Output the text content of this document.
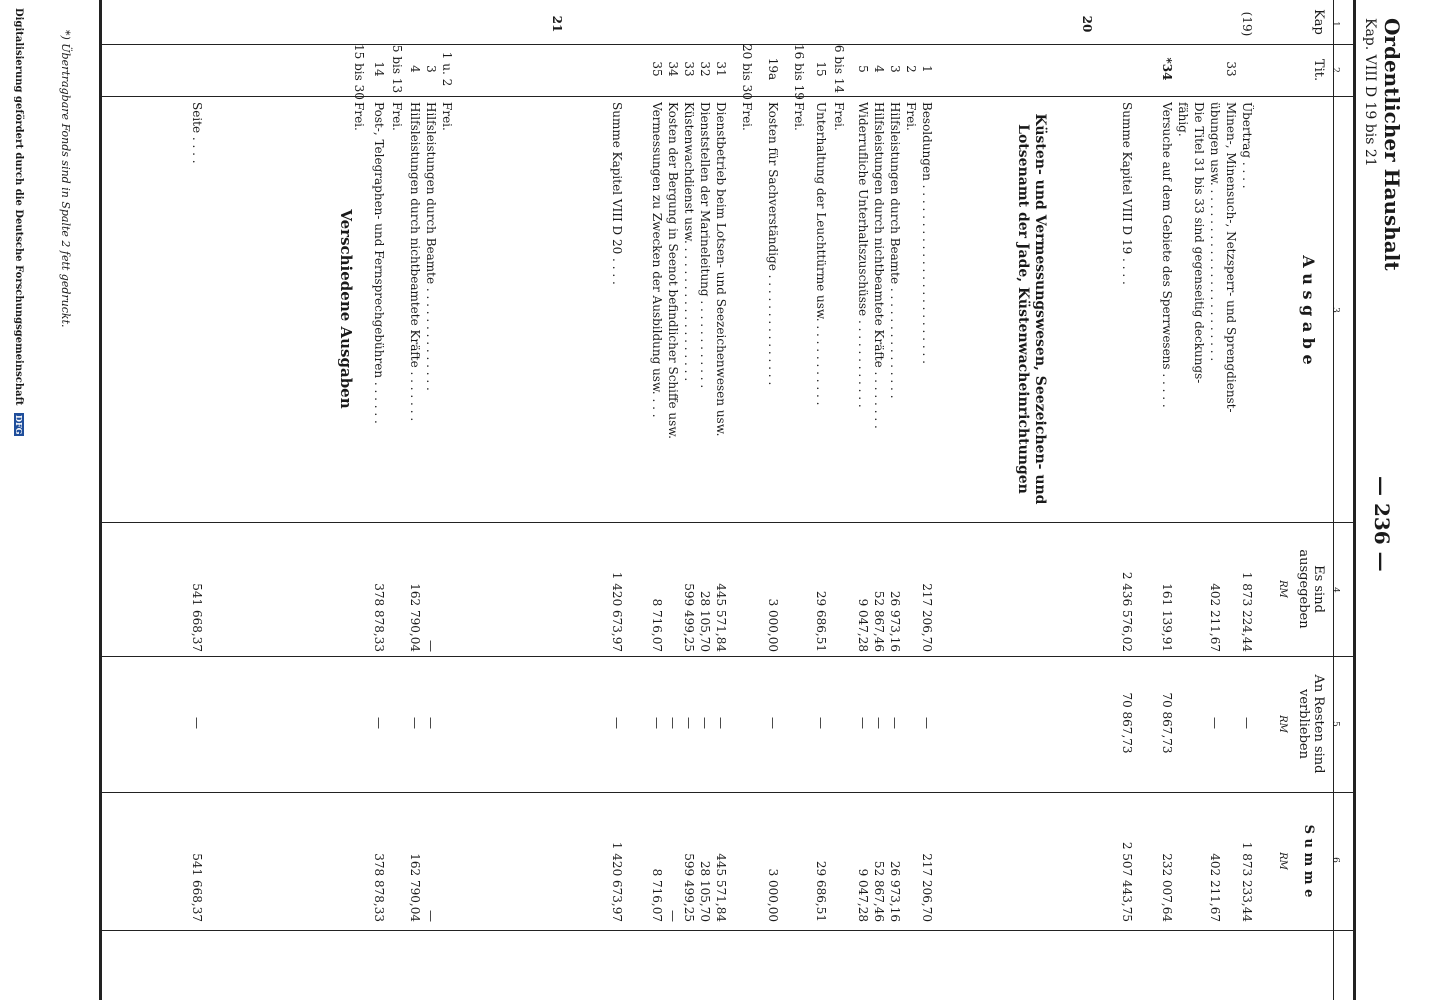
Ordentlicher Haushalt
Kap. VIII D 19 bis 21
— 236 —
1
2
3
4
5
6
Kap
Tit.
A u s g a b e
Es sind ausgegeben
An Resten sind verblieben
S u m m e
RM
RM
RM
Küsten- und Vermessungswesen, Seezeichen- und Lotsenamt der Jade, Küstenwacheinrichtungen
Verschiedene Ausgaben
(19)
Übertrag . . . .
1 873 224,44
—
1 873 233,44
33
Minen-, Minensuch-, Netzsperr- und Sprengdienst-
übungen usw. . . . . . . . . . . . . . . . . . . . . . . .
402 211,67
—
402 211,67
Die Titel 31 bis 33 sind gegenseitig deckungs-
fähig.
*34
Versuche auf dem Gebiete des Sperrwesens . . . . .
161 139,91
70 867,73
232 007,64
Summe Kapitel VIII D 19 . . . .
2 436 576,02
70 867,73
2 507 443,75
20
1
Besoldungen . . . . . . . . . . . . . . . . . . . . . . . .
217 206,70
—
217 206,70
2
Frei.
3
Hilfsleistungen durch Beamte . . . . . . . . . . . . . . .
26 973,16
—
26 973,16
4
Hilfsleistungen durch nichtbeamtete Kräfte . . . . . . . .
52 867,46
—
52 867,46
5
Widerrufliche Unterhaltszuschüsse . . . . . . . . . . . .
9 047,28
—
9 047,28
6 bis 14
Frei.
15
Unterhaltung der Leuchttürme usw. . . . . . . . . . . .
29 686,51
—
29 686,51
16 bis 19
Frei.
19a
Kosten für Sachverständige . . . . . . . . . . . . . . .
3 000,00
—
3 000,00
20 bis 30
Frei.
31
Dienstbetrieb beim Lotsen- und Seezeichenwesen usw.
445 571,84
—
445 571,84
32
Dienststellen der Marineleitung . . . . . . . . . . . .
28 105,70
—
28 105,70
33
Küstenwachdienst usw. . . . . . . . . . . . . . . . . . .
599 499,25
—
599 499,25
34
Kosten der Bergung in Seenot befindlicher Schiffe usw.
—
—
35
Vermessungen zu Zwecken der Ausbildung usw. . . .
8 716,07
—
8 716,07
Summe Kapitel VIII D 20 . . . .
1 420 673,97
—
1 420 673,97
21
1 u. 2
Frei.
3
Hilfsleistungen durch Beamte . . . . . . . . . . . . . .
—
—
—
4
Hilfsleistungen durch nichtbeamtete Kräfte . . . . . . .
162 790,04
—
162 790,04
5 bis 13
Frei.
14
Post-, Telegraphen- und Fernsprechgebühren . . . . . .
378 878,33
—
378 878,33
15 bis 30
Frei.
Seite . . . .
541 668,37
—
541 668,37
*) Übertragbare Fonds sind in Spalte 2 fett gedruckt.
Digitalisierung gefördert durch die Deutsche Forschungsgemeinschaft DFG
